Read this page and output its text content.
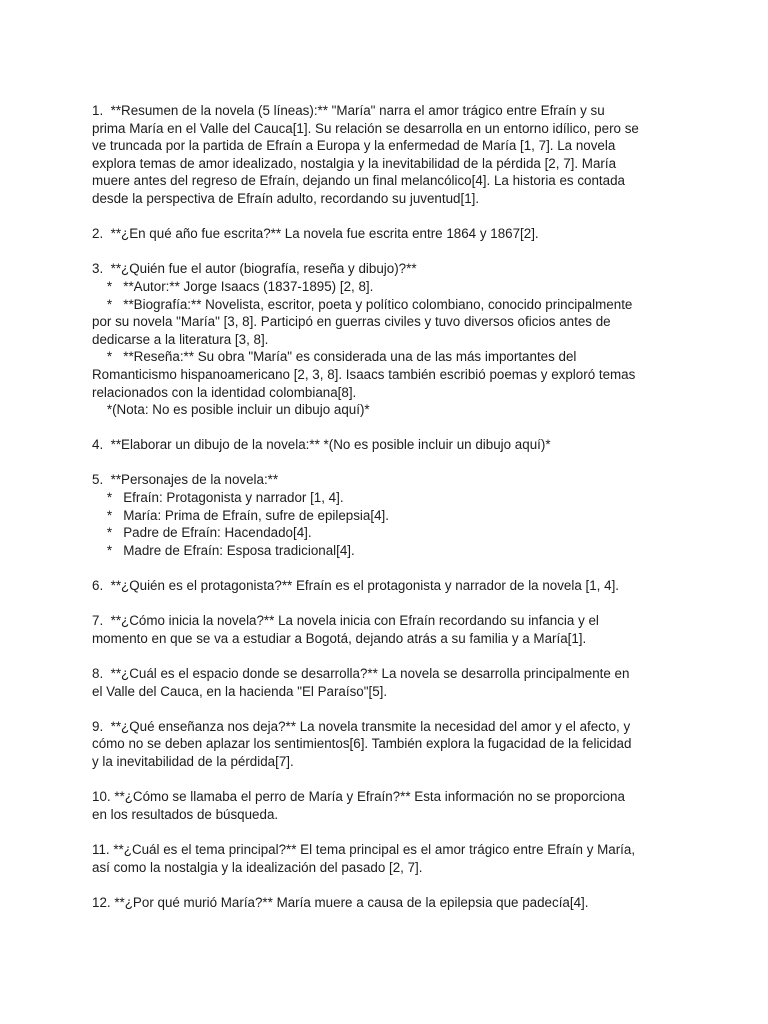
1.  **Resumen de la novela (5 líneas):** "María" narra el amor trágico entre Efraín y su
prima María en el Valle del Cauca[1]. Su relación se desarrolla en un entorno idílico, pero se
ve truncada por la partida de Efraín a Europa y la enfermedad de María [1, 7]. La novela
explora temas de amor idealizado, nostalgia y la inevitabilidad de la pérdida [2, 7]. María
muere antes del regreso de Efraín, dejando un final melancólico[4]. La historia es contada
desde la perspectiva de Efraín adulto, recordando su juventud[1].
2.  **¿En qué año fue escrita?** La novela fue escrita entre 1864 y 1867[2].
3.  **¿Quién fue el autor (biografía, reseña y dibujo)?**
*   **Autor:** Jorge Isaacs (1837-1895) [2, 8].
*   **Biografía:** Novelista, escritor, poeta y político colombiano, conocido principalmente
por su novela "María" [3, 8]. Participó en guerras civiles y tuvo diversos oficios antes de
dedicarse a la literatura [3, 8].
*   **Reseña:** Su obra "María" es considerada una de las más importantes del
Romanticismo hispanoamericano [2, 3, 8]. Isaacs también escribió poemas y exploró temas
relacionados con la identidad colombiana[8].
*(Nota: No es posible incluir un dibujo aquí)*
4.  **Elaborar un dibujo de la novela:** *(No es posible incluir un dibujo aquí)*
5.  **Personajes de la novela:**
*   Efraín: Protagonista y narrador [1, 4].
*   María: Prima de Efraín, sufre de epilepsia[4].
*   Padre de Efraín: Hacendado[4].
*   Madre de Efraín: Esposa tradicional[4].
6.  **¿Quién es el protagonista?** Efraín es el protagonista y narrador de la novela [1, 4].
7.  **¿Cómo inicia la novela?** La novela inicia con Efraín recordando su infancia y el
momento en que se va a estudiar a Bogotá, dejando atrás a su familia y a María[1].
8.  **¿Cuál es el espacio donde se desarrolla?** La novela se desarrolla principalmente en
el Valle del Cauca, en la hacienda "El Paraíso"[5].
9.  **¿Qué enseñanza nos deja?** La novela transmite la necesidad del amor y el afecto, y
cómo no se deben aplazar los sentimientos[6]. También explora la fugacidad de la felicidad
y la inevitabilidad de la pérdida[7].
10. **¿Cómo se llamaba el perro de María y Efraín?** Esta información no se proporciona
en los resultados de búsqueda.
11. **¿Cuál es el tema principal?** El tema principal es el amor trágico entre Efraín y María,
así como la nostalgia y la idealización del pasado [2, 7].
12. **¿Por qué murió María?** María muere a causa de la epilepsia que padecía[4].
